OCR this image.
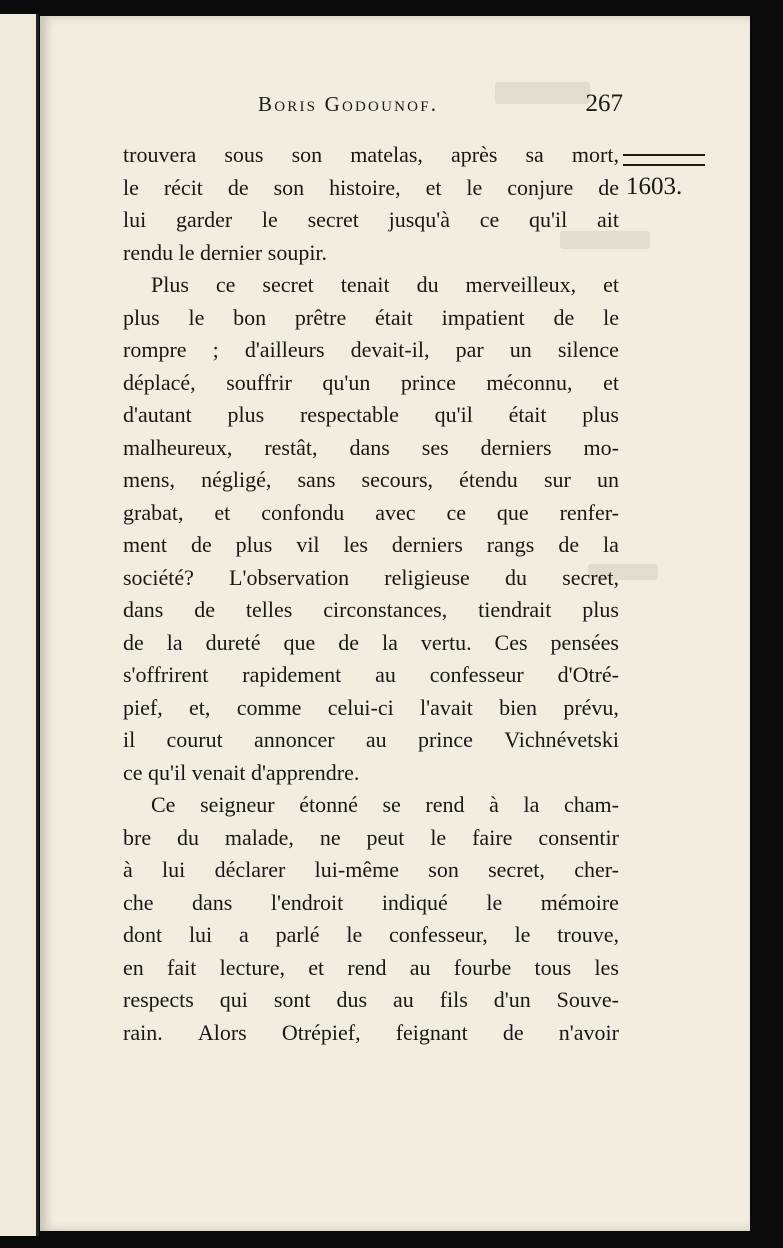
Boris Godounof.	267
1603.
trouvera sous son matelas, après sa mort,
le récit de son histoire, et le conjure de
lui garder le secret jusqu'à ce qu'il ait
rendu le dernier soupir.
Plus ce secret tenait du merveilleux, et
plus le bon prêtre était impatient de le
rompre ; d'ailleurs devait-il, par un silence
déplacé, souffrir qu'un prince méconnu, et
d'autant plus respectable qu'il était plus
malheureux, restât, dans ses derniers mo-
mens, négligé, sans secours, étendu sur un
grabat, et confondu avec ce que renfer-
ment de plus vil les derniers rangs de la
société? L'observation religieuse du secret,
dans de telles circonstances, tiendrait plus
de la dureté que de la vertu. Ces pensées
s'offrirent rapidement au confesseur d'Otré-
pief, et, comme celui-ci l'avait bien prévu,
il courut annoncer au prince Vichnévetski
ce qu'il venait d'apprendre.
Ce seigneur étonné se rend à la cham-
bre du malade, ne peut le faire consentir
à lui déclarer lui-même son secret, cher-
che dans l'endroit indiqué le mémoire
dont lui a parlé le confesseur, le trouve,
en fait lecture, et rend au fourbe tous les
respects qui sont dus au fils d'un Souve-
rain. Alors Otrépief, feignant de n'avoir
